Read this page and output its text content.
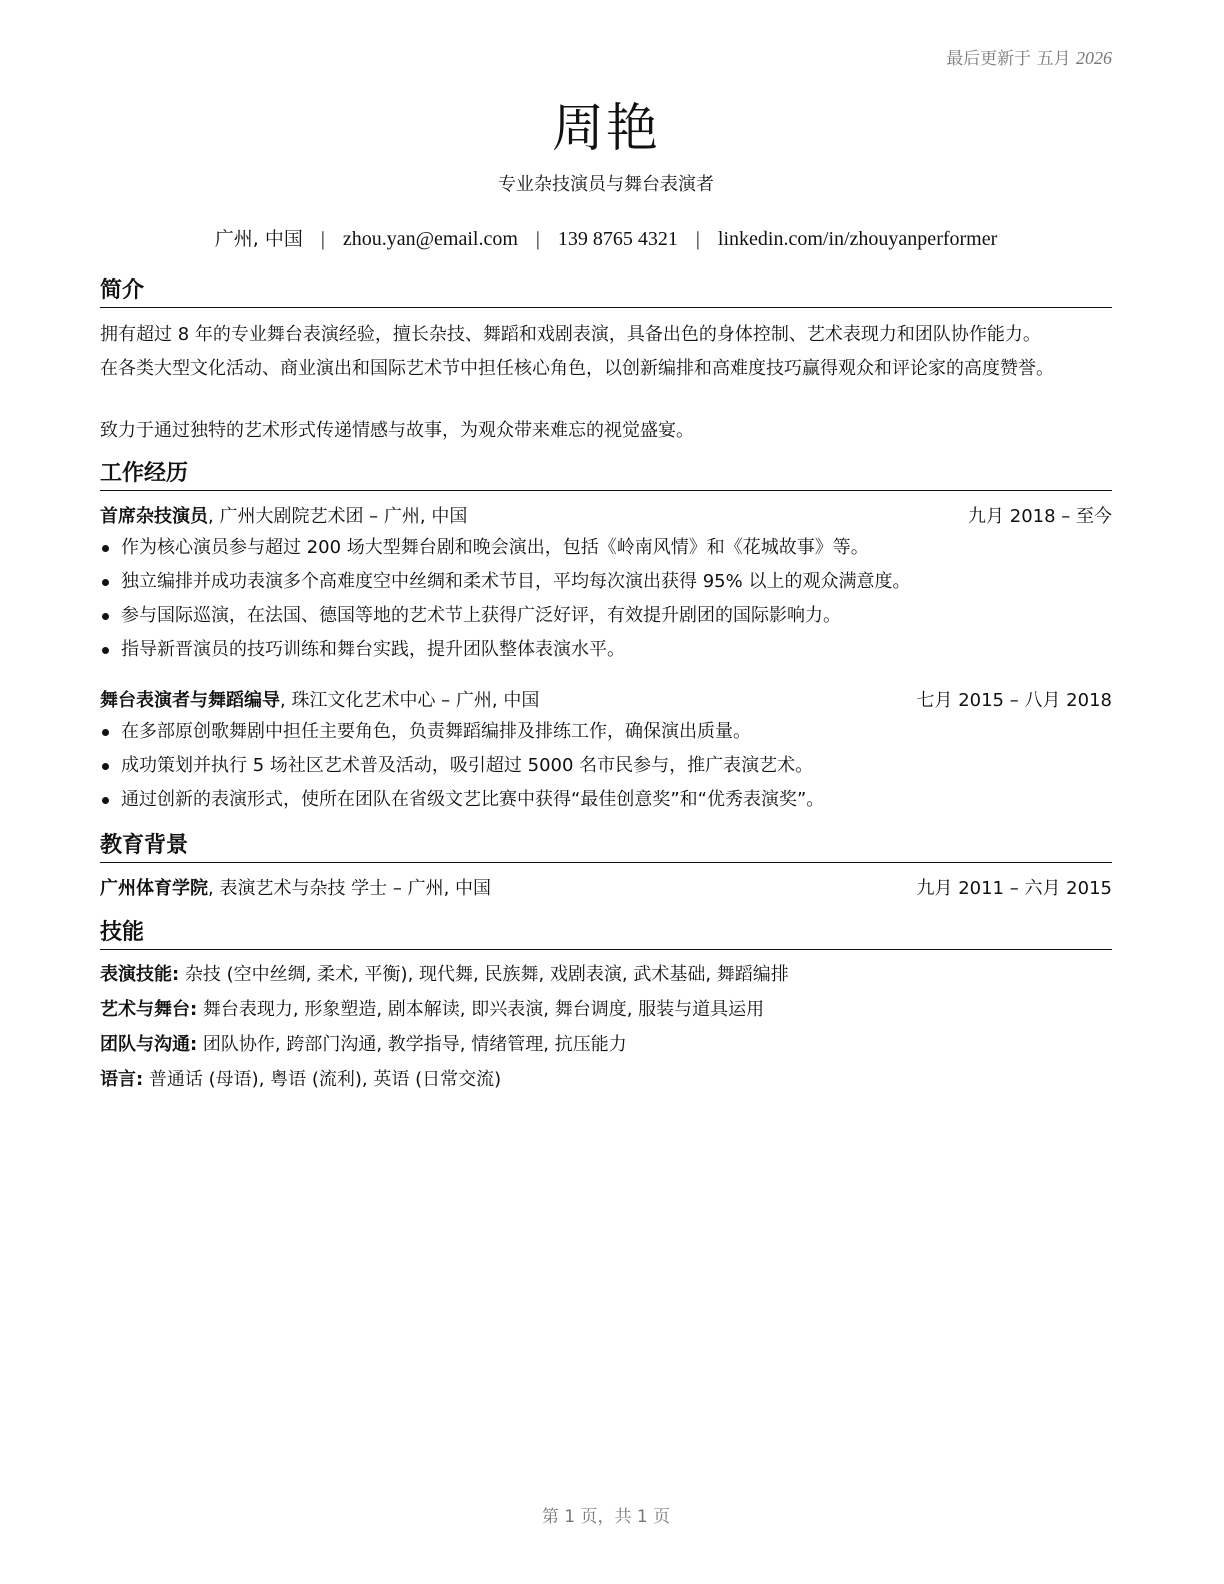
最后更新于 五月 2026
周艳
专业杂技演员与舞台表演者
广州, 中国 | zhou.yan@email.com | 139 8765 4321 | linkedin.com/in/zhouyanperformer
简介
拥有超过 8 年的专业舞台表演经验，擅长杂技、舞蹈和戏剧表演，具备出色的身体控制、艺术表现力和团队协作能力。
在各类大型文化活动、商业演出和国际艺术节中担任核心角色，以创新编排和高难度技巧赢得观众和评论家的高度赞誉。
致力于通过独特的艺术形式传递情感与故事，为观众带来难忘的视觉盛宴。
工作经历
首席杂技演员, 广州大剧院艺术团 – 广州, 中国	九月 2018 – 至今
作为核心演员参与超过 200 场大型舞台剧和晚会演出，包括《岭南风情》和《花城故事》等。
独立编排并成功表演多个高难度空中丝绸和柔术节目，平均每次演出获得 95% 以上的观众满意度。
参与国际巡演，在法国、德国等地的艺术节上获得广泛好评，有效提升剧团的国际影响力。
指导新晋演员的技巧训练和舞台实践，提升团队整体表演水平。
舞台表演者与舞蹈编导, 珠江文化艺术中心 – 广州, 中国	七月 2015 – 八月 2018
在多部原创歌舞剧中担任主要角色，负责舞蹈编排及排练工作，确保演出质量。
成功策划并执行 5 场社区艺术普及活动，吸引超过 5000 名市民参与，推广表演艺术。
通过创新的表演形式，使所在团队在省级文艺比赛中获得“最佳创意奖”和“优秀表演奖”。
教育背景
广州体育学院, 表演艺术与杂技 学士 – 广州, 中国	九月 2011 – 六月 2015
技能
表演技能: 杂技 (空中丝绸, 柔术, 平衡), 现代舞, 民族舞, 戏剧表演, 武术基础, 舞蹈编排
艺术与舞台: 舞台表现力, 形象塑造, 剧本解读, 即兴表演, 舞台调度, 服装与道具运用
团队与沟通: 团队协作, 跨部门沟通, 教学指导, 情绪管理, 抗压能力
语言: 普通话 (母语), 粤语 (流利), 英语 (日常交流)
第 1 页，共 1 页
